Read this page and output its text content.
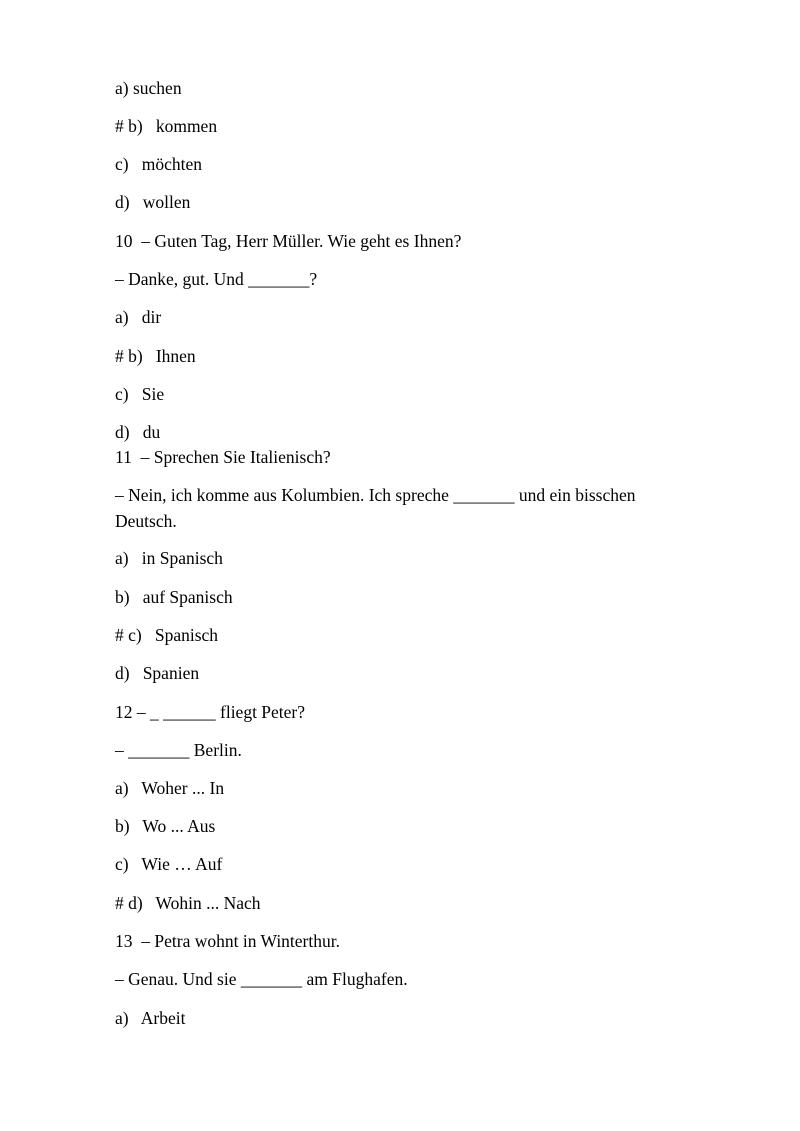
a) suchen
# b)   kommen
c)   möchten
d)   wollen
10  – Guten Tag, Herr Müller. Wie geht es Ihnen?
– Danke, gut. Und _______?
a)   dir
# b)   Ihnen
c)   Sie
d)   du
11  – Sprechen Sie Italienisch?
– Nein, ich komme aus Kolumbien. Ich spreche _______ und ein bisschen Deutsch.
a)   in Spanisch
b)   auf Spanisch
# c)   Spanisch
d)   Spanien
12 – _ ______ fliegt Peter?
– _______ Berlin.
a)   Woher ... In
b)   Wo ... Aus
c)   Wie … Auf
# d)   Wohin ... Nach
13  – Petra wohnt in Winterthur.
– Genau. Und sie _______ am Flughafen.
a)   Arbeit
